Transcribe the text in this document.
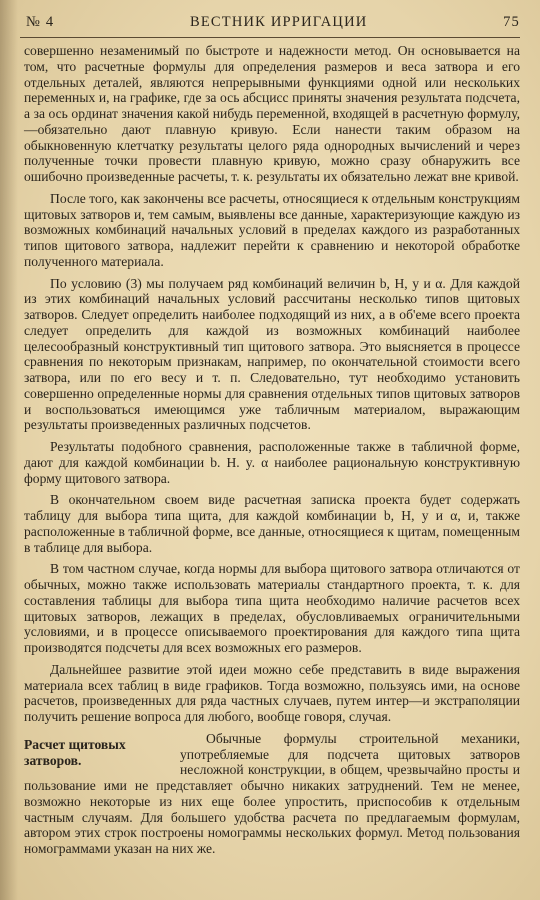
№ 4	ВЕСТНИК ИРРИГАЦИИ	75

совершенно незаменимый по быстроте и надежности метод. Он основывается на том, что расчетные формулы для определения размеров и веса затвора и его отдельных деталей, являются непрерывными функциями одной или нескольких переменных и, на графике, где за ось абсцисс приняты значения результата подсчета, а за ось ординат значения какой нибудь переменной, входящей в расчетную формулу,—обязательно дают плавную кривую. Если нанести таким образом на обыкновенную клетчатку результаты целого ряда однородных вычислений и через полученные точки провести плавную кривую, можно сразу обнаружить все ошибочно произведенные расчеты, т. к. результаты их обязательно лежат вне кривой.

После того, как закончены все расчеты, относящиеся к отдельным конструкциям щитовых затворов и, тем самым, выявлены все данные, характеризующие каждую из возможных комбинаций начальных условий в пределах каждого из разработанных типов щитового затвора, надлежит перейти к сравнению и некоторой обработке полученного материала.

По условию (3) мы получаем ряд комбинаций величин b, H, y и α. Для каждой из этих комбинаций начальных условий рассчитаны несколько типов щитовых затворов. Следует определить наиболее подходящий из них, а в об'еме всего проекта следует определить для каждой из возможных комбинаций наиболее целесообразный конструктивный тип щитового затвора. Это выясняется в процессе сравнения по некоторым признакам, например, по окончательной стоимости всего затвора, или по его весу и т. п. Следовательно, тут необходимо установить совершенно определенные нормы для сравнения отдельных типов щитовых затворов и воспользоваться имеющимся уже табличным материалом, выражающим результаты произведенных различных подсчетов.

Результаты подобного сравнения, расположенные также в табличной форме, дают для каждой комбинации b. H. y. α наиболее рациональную конструктивную форму щитового затвора.

В окончательном своем виде расчетная записка проекта будет содержать таблицу для выбора типа щита, для каждой комбинации b, H, y и α, и, также расположенные в табличной форме, все данные, относящиеся к щитам, помещенным в таблице для выбора.

В том частном случае, когда нормы для выбора щитового затвора отличаются от обычных, можно также использовать материалы стандартного проекта, т. к. для составления таблицы для выбора типа щита необходимо наличие расчетов всех щитовых затворов, лежащих в пределах, обусловливаемых ограничительными условиями, и в процессе описываемого проектирования для каждого типа щита производятся подсчеты для всех возможных его размеров.

Дальнейшее развитие этой идеи можно себе представить в виде выражения материала всех таблиц в виде графиков. Тогда возможно, пользуясь ими, на основе расчетов, произведенных для ряда частных случаев, путем интер—и экстраполяции получить решение вопроса для любого, вообще говоря, случая.

Расчет щитовых затворов.

Обычные формулы строительной механики, употребляемые для подсчета щитовых затворов несложной конструкции, в общем, чрезвычайно просты и пользование ими не представляет обычно никаких затруднений. Тем не менее, возможно некоторые из них еще более упростить, приспособив к отдельным частным случаям. Для большего удобства расчета по предлагаемым формулам, автором этих строк построены номограммы нескольких формул. Метод пользования номограммами указан на них же.
